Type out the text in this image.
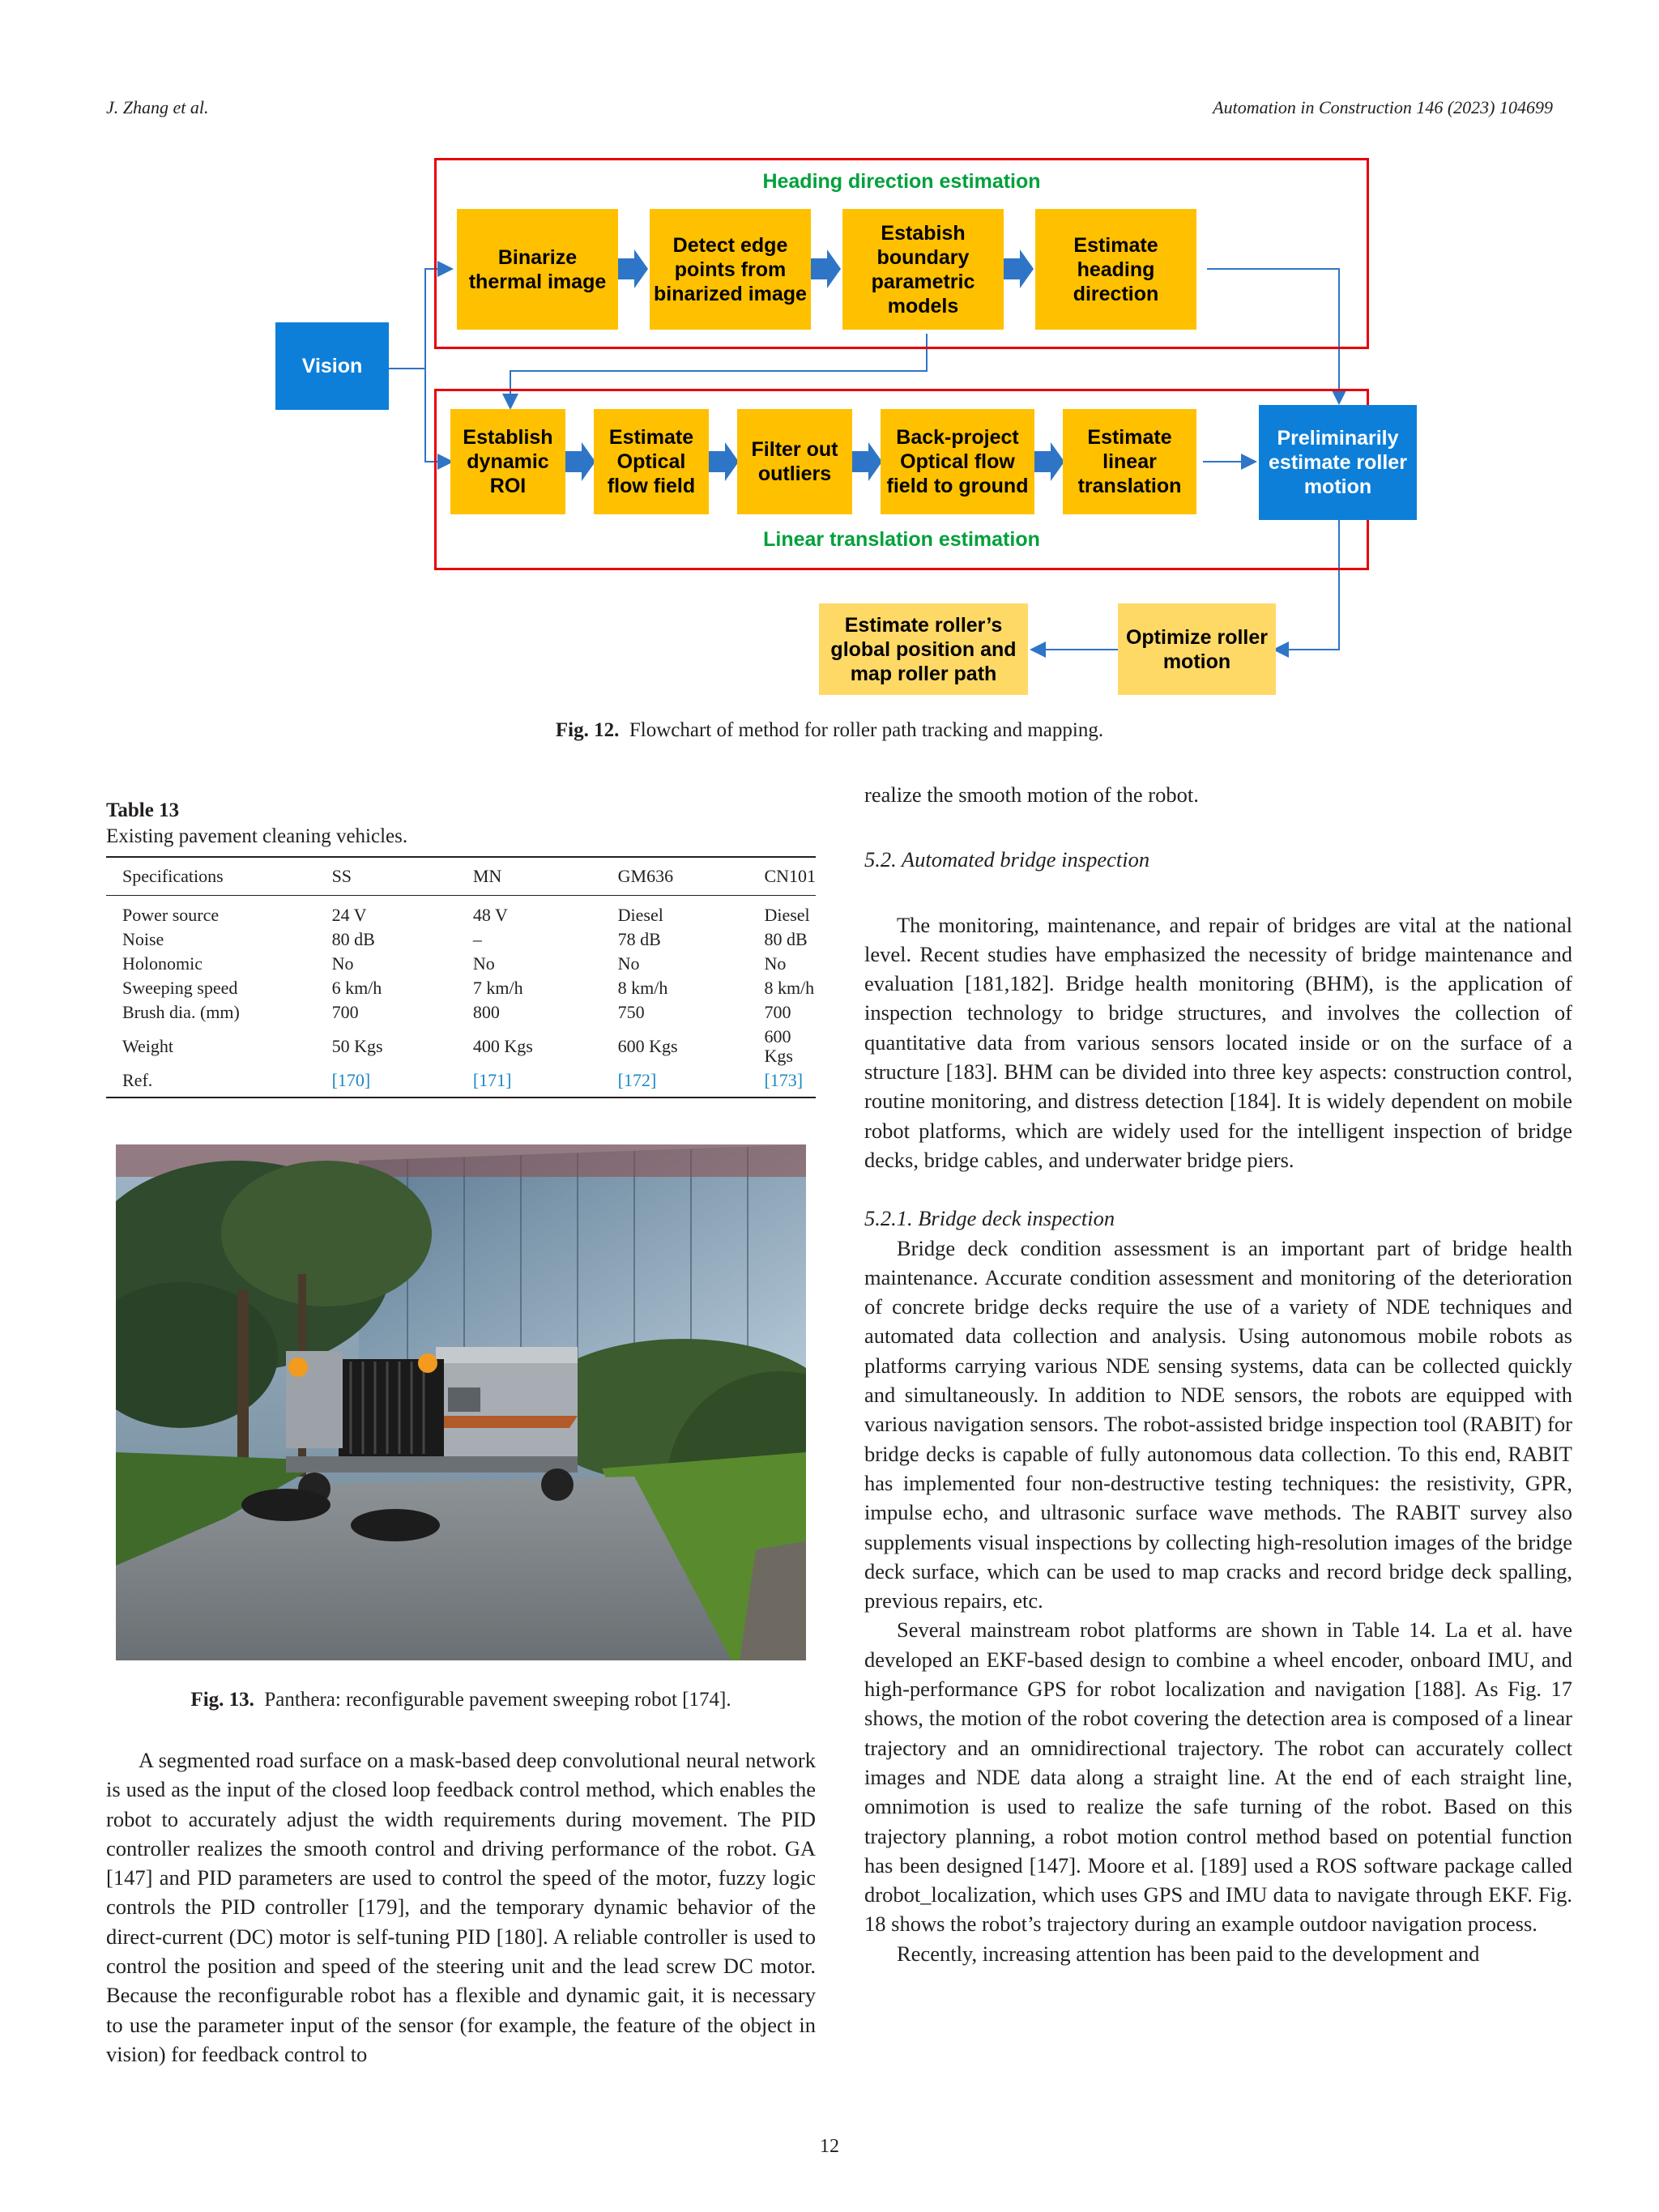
J. Zhang et al.	Automation in Construction 146 (2023) 104699
Heading direction estimation
Linear translation estimation
Vision
Binarize thermal image
Detect edge points from binarized image
Estabish boundary parametric models
Estimate heading direction
Establish dynamic ROI
Estimate Optical flow field
Filter out outliers
Back-project Optical flow field to ground
Estimate linear translation
Preliminarily estimate roller motion
Optimize roller motion
Estimate roller’s global position and map roller path
Fig. 12. Flowchart of method for roller path tracking and mapping.
Table 13
Existing pavement cleaning vehicles.
Specifications	SS	MN	GM636	CN101
Power source	24 V	48 V	Diesel	Diesel
Noise	80 dB	–	78 dB	80 dB
Holonomic	No	No	No	No
Sweeping speed	6 km/h	7 km/h	8 km/h	8 km/h
Brush dia. (mm)	700	800	750	700
Weight	50 Kgs	400 Kgs	600 Kgs	600 Kgs
Ref.	[170]	[171]	[172]	[173]
Fig. 13. Panthera: reconfigurable pavement sweeping robot [174].

A segmented road surface on a mask-based deep convolutional neural network is used as the input of the closed loop feedback control method, which enables the robot to accurately adjust the width requirements during movement. The PID controller realizes the smooth control and driving performance of the robot. GA [147] and PID parameters are used to control the speed of the motor, fuzzy logic controls the PID controller [179], and the temporary dynamic behavior of the direct-current (DC) motor is self-tuning PID [180]. A reliable controller is used to control the position and speed of the steering unit and the lead screw DC motor. Because the reconfigurable robot has a flexible and dynamic gait, it is necessary to use the parameter input of the sensor (for example, the feature of the object in vision) for feedback control to

realize the smooth motion of the robot.

5.2. Automated bridge inspection

The monitoring, maintenance, and repair of bridges are vital at the national level. Recent studies have emphasized the necessity of bridge maintenance and evaluation [181,182]. Bridge health monitoring (BHM), is the application of inspection technology to bridge structures, and involves the collection of quantitative data from various sensors located inside or on the surface of a structure [183]. BHM can be divided into three key aspects: construction control, routine monitoring, and distress detection [184]. It is widely dependent on mobile robot platforms, which are widely used for the intelligent inspection of bridge decks, bridge cables, and underwater bridge piers.

5.2.1. Bridge deck inspection

Bridge deck condition assessment is an important part of bridge health maintenance. Accurate condition assessment and monitoring of the deterioration of concrete bridge decks require the use of a variety of NDE techniques and automated data collection and analysis. Using autonomous mobile robots as platforms carrying various NDE sensing systems, data can be collected quickly and simultaneously. In addition to NDE sensors, the robots are equipped with various navigation sensors. The robot-assisted bridge inspection tool (RABIT) for bridge decks is capable of fully autonomous data collection. To this end, RABIT has implemented four non-destructive testing techniques: the resistivity, GPR, impulse echo, and ultrasonic surface wave methods. The RABIT survey also supplements visual inspections by collecting high-resolution images of the bridge deck surface, which can be used to map cracks and record bridge deck spalling, previous repairs, etc.

Several mainstream robot platforms are shown in Table 14. La et al. have developed an EKF-based design to combine a wheel encoder, onboard IMU, and high-performance GPS for robot localization and navigation [188]. As Fig. 17 shows, the motion of the robot covering the detection area is composed of a linear trajectory and an omnidirectional trajectory. The robot can accurately collect images and NDE data along a straight line. At the end of each straight line, omnimotion is used to realize the safe turning of the robot. Based on this trajectory planning, a robot motion control method based on potential function has been designed [147]. Moore et al. [189] used a ROS software package called drobot_localization, which uses GPS and IMU data to navigate through EKF. Fig. 18 shows the robot’s trajectory during an example outdoor navigation process.

Recently, increasing attention has been paid to the development and

12
